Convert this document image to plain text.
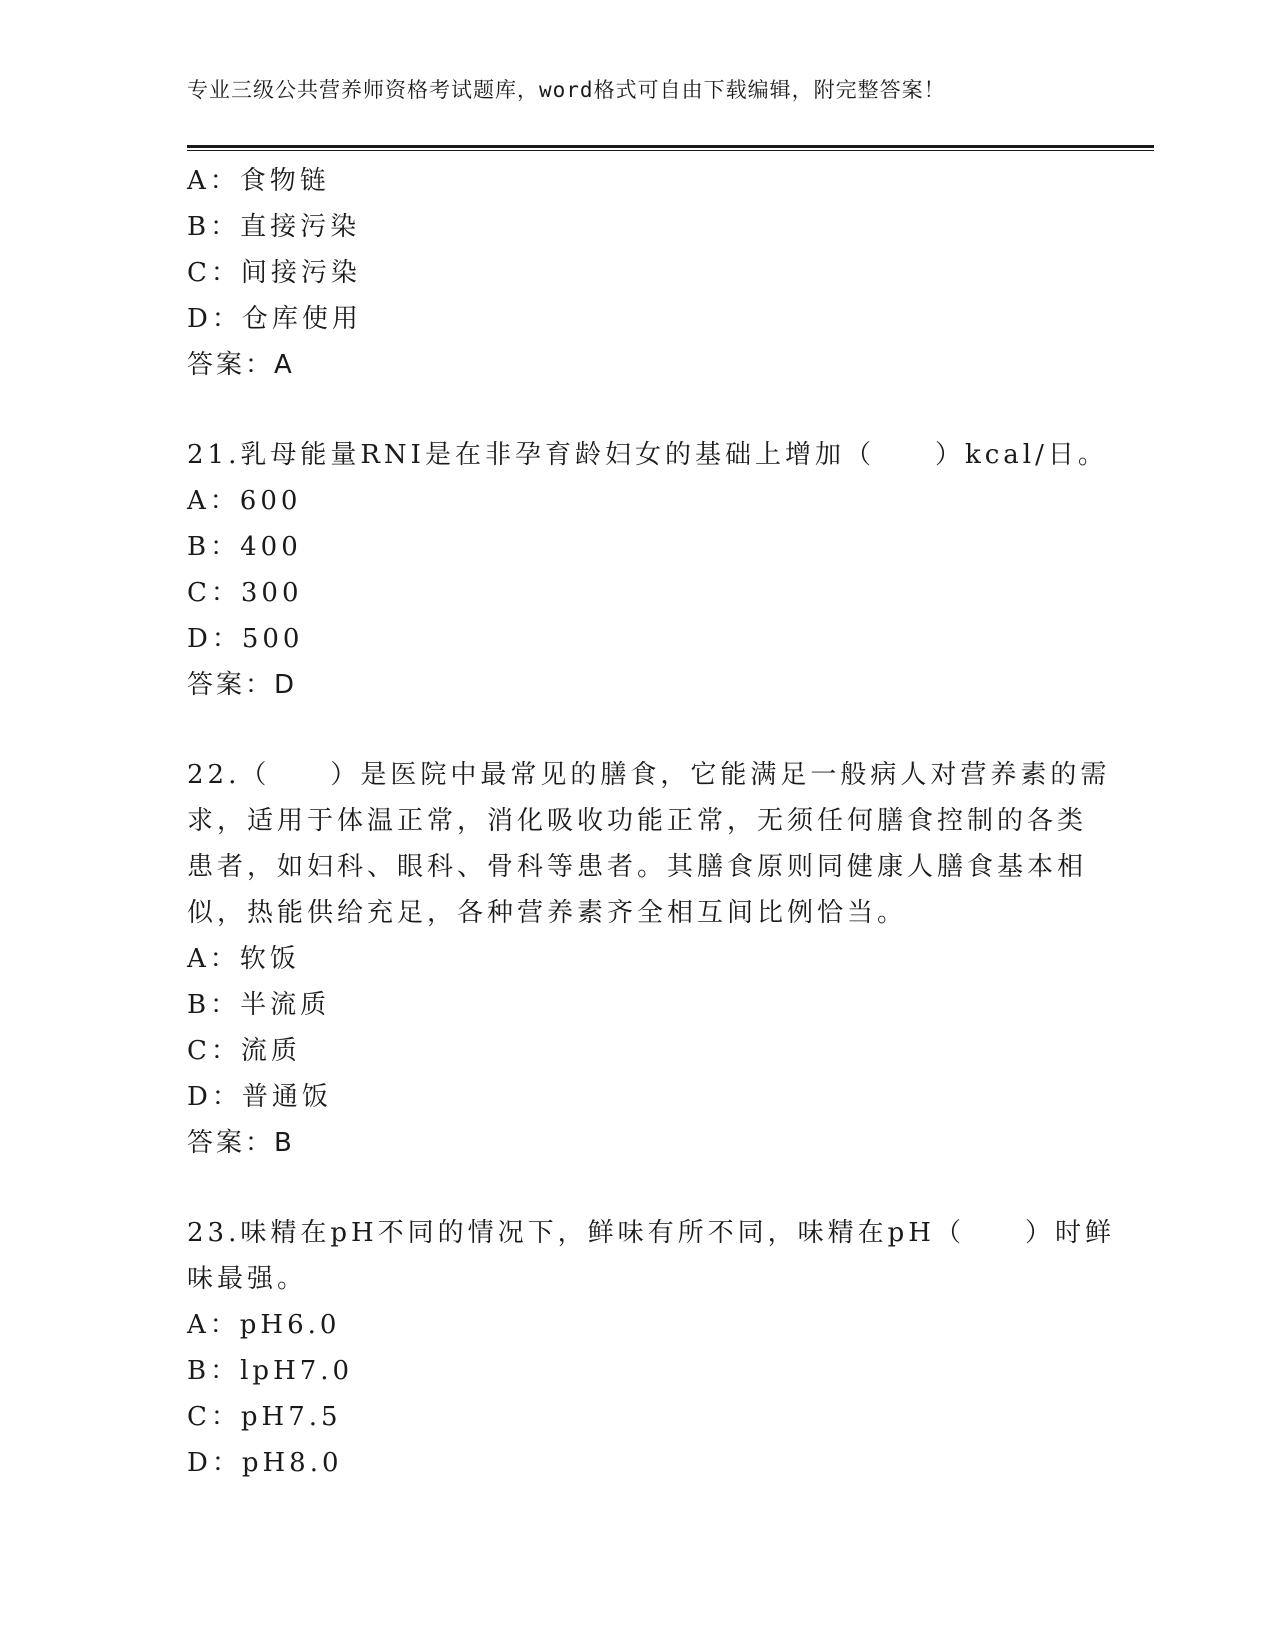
专业三级公共营养师资格考试题库，word格式可自由下载编辑，附完整答案！
A：食物链
B：直接污染
C：间接污染
D：仓库使用
答案：A
21.乳母能量RNI是在非孕育龄妇女的基础上增加（　　）kcal/日。
A：600
B：400
C：300
D：500
答案：D
22.（　　）是医院中最常见的膳食，它能满足一般病人对营养素的需
求，适用于体温正常，消化吸收功能正常，无须任何膳食控制的各类
患者，如妇科、眼科、骨科等患者。其膳食原则同健康人膳食基本相
似，热能供给充足，各种营养素齐全相互间比例恰当。
A：软饭
B：半流质
C：流质
D：普通饭
答案：B
23.味精在pH不同的情况下，鲜味有所不同，味精在pH（　　）时鲜
味最强。
A：pH6.0
B：lpH7.0
C：pH7.5
D：pH8.0
